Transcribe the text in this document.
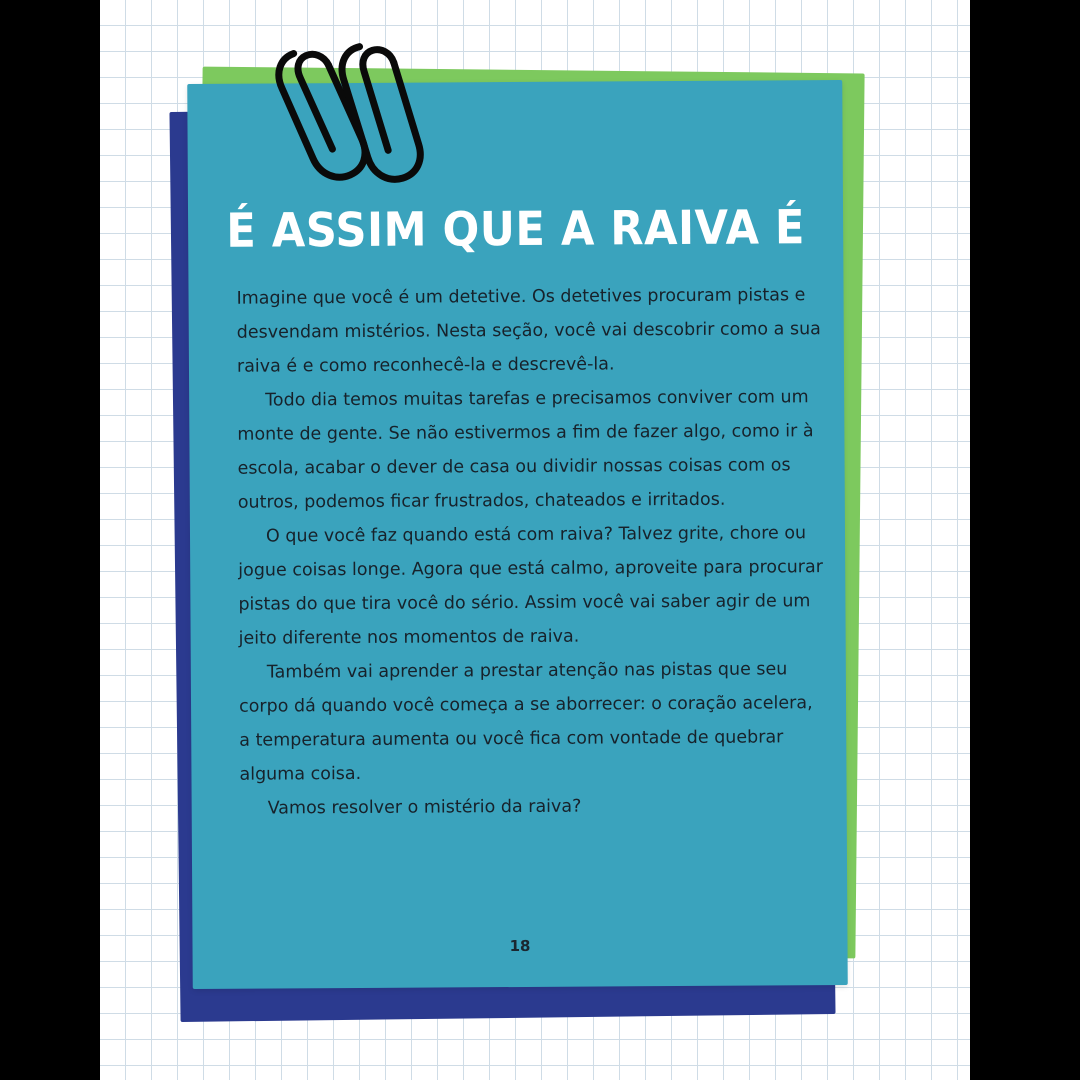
É ASSIM QUE A RAIVA É

Imagine que você é um detetive. Os detetives procuram pistas e desvendam mistérios. Nesta seção, você vai descobrir como a sua raiva é e como reconhecê-la e descrevê-la.

Todo dia temos muitas tarefas e precisamos conviver com um monte de gente. Se não estivermos a fim de fazer algo, como ir à escola, acabar o dever de casa ou dividir nossas coisas com os outros, podemos ficar frustrados, chateados e irritados.

O que você faz quando está com raiva? Talvez grite, chore ou jogue coisas longe. Agora que está calmo, aproveite para procurar pistas do que tira você do sério. Assim você vai saber agir de um jeito diferente nos momentos de raiva.

Também vai aprender a prestar atenção nas pistas que seu corpo dá quando você começa a se aborrecer: o coração acelera, a temperatura aumenta ou você fica com vontade de quebrar alguma coisa.

Vamos resolver o mistério da raiva?

18
